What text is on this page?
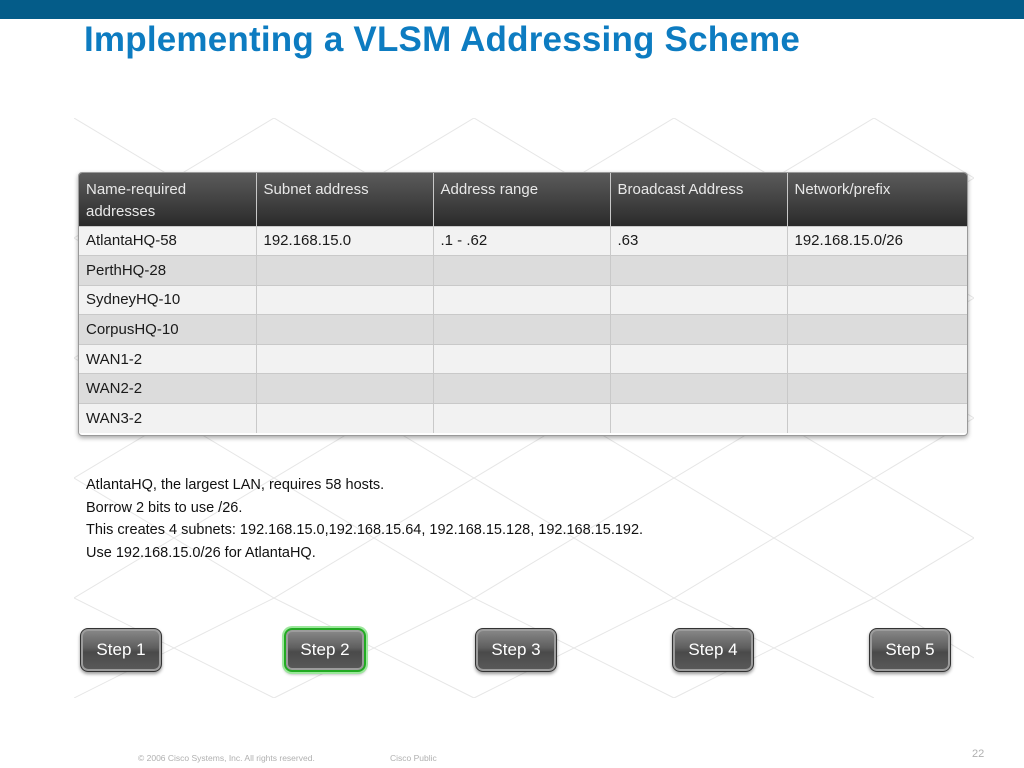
Implementing a VLSM Addressing Scheme
Name-required addresses	Subnet address	Address range	Broadcast Address	Network/prefix
AtlantaHQ-58	192.168.15.0	.1 - .62	.63	192.168.15.0/26
PerthHQ-28				
SydneyHQ-10				
CorpusHQ-10				
WAN1-2				
WAN2-2				
WAN3-2				
AtlantaHQ, the largest LAN, requires 58 hosts.
Borrow 2 bits to use /26.
This creates 4 subnets: 192.168.15.0,192.168.15.64, 192.168.15.128, 192.168.15.192.
Use 192.168.15.0/26 for AtlantaHQ.
Step 1	Step 2	Step 3	Step 4	Step 5
© 2006 Cisco Systems, Inc. All rights reserved.	Cisco Public	22
